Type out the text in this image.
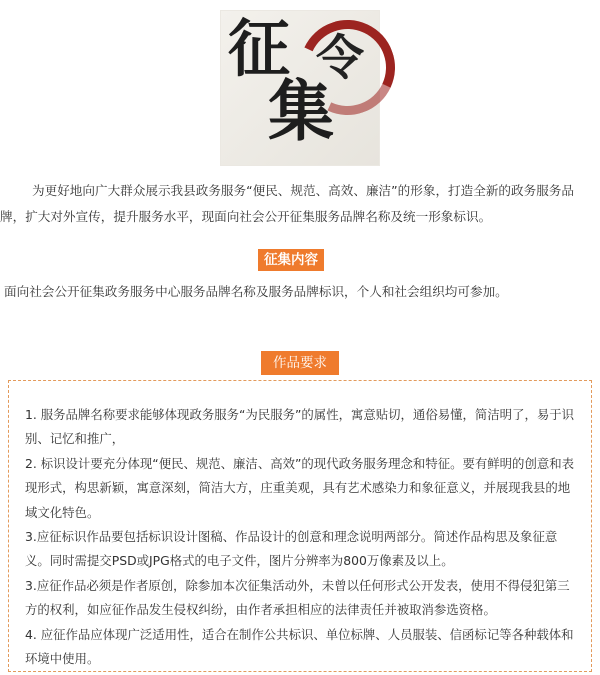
征
集
令

为更好地向广大群众展示我县政务服务“便民、规范、高效、廉洁”的形象，打造全新的政务服务品牌，扩大对外宣传，提升服务水平，现面向社会公开征集服务品牌名称及统一形象标识。

征集内容
面向社会公开征集政务服务中心服务品牌名称及服务品牌标识，个人和社会组织均可参加。
作品要求

1. 服务品牌名称要求能够体现政务服务“为民服务”的属性，寓意贴切，通俗易懂，简洁明了，易于识别、记忆和推广，

2. 标识设计要充分体现“便民、规范、廉洁、高效”的现代政务服务理念和特征。要有鲜明的创意和表现形式，构思新颖，寓意深刻，简洁大方，庄重美观，具有艺术感染力和象征意义，并展现我县的地域文化特色。

3.应征标识作品要包括标识设计图稿、作品设计的创意和理念说明两部分。简述作品构思及象征意义。同时需提交PSD或JPG格式的电子文件，图片分辨率为800万像素及以上。

3.应征作品必须是作者原创，除参加本次征集活动外，未曾以任何形式公开发表，使用不得侵犯第三方的权利，如应征作品发生侵权纠纷，由作者承担相应的法律责任并被取消参选资格。

4. 应征作品应体现广泛适用性，适合在制作公共标识、单位标牌、人员服装、信函标记等各种载体和环境中使用。
